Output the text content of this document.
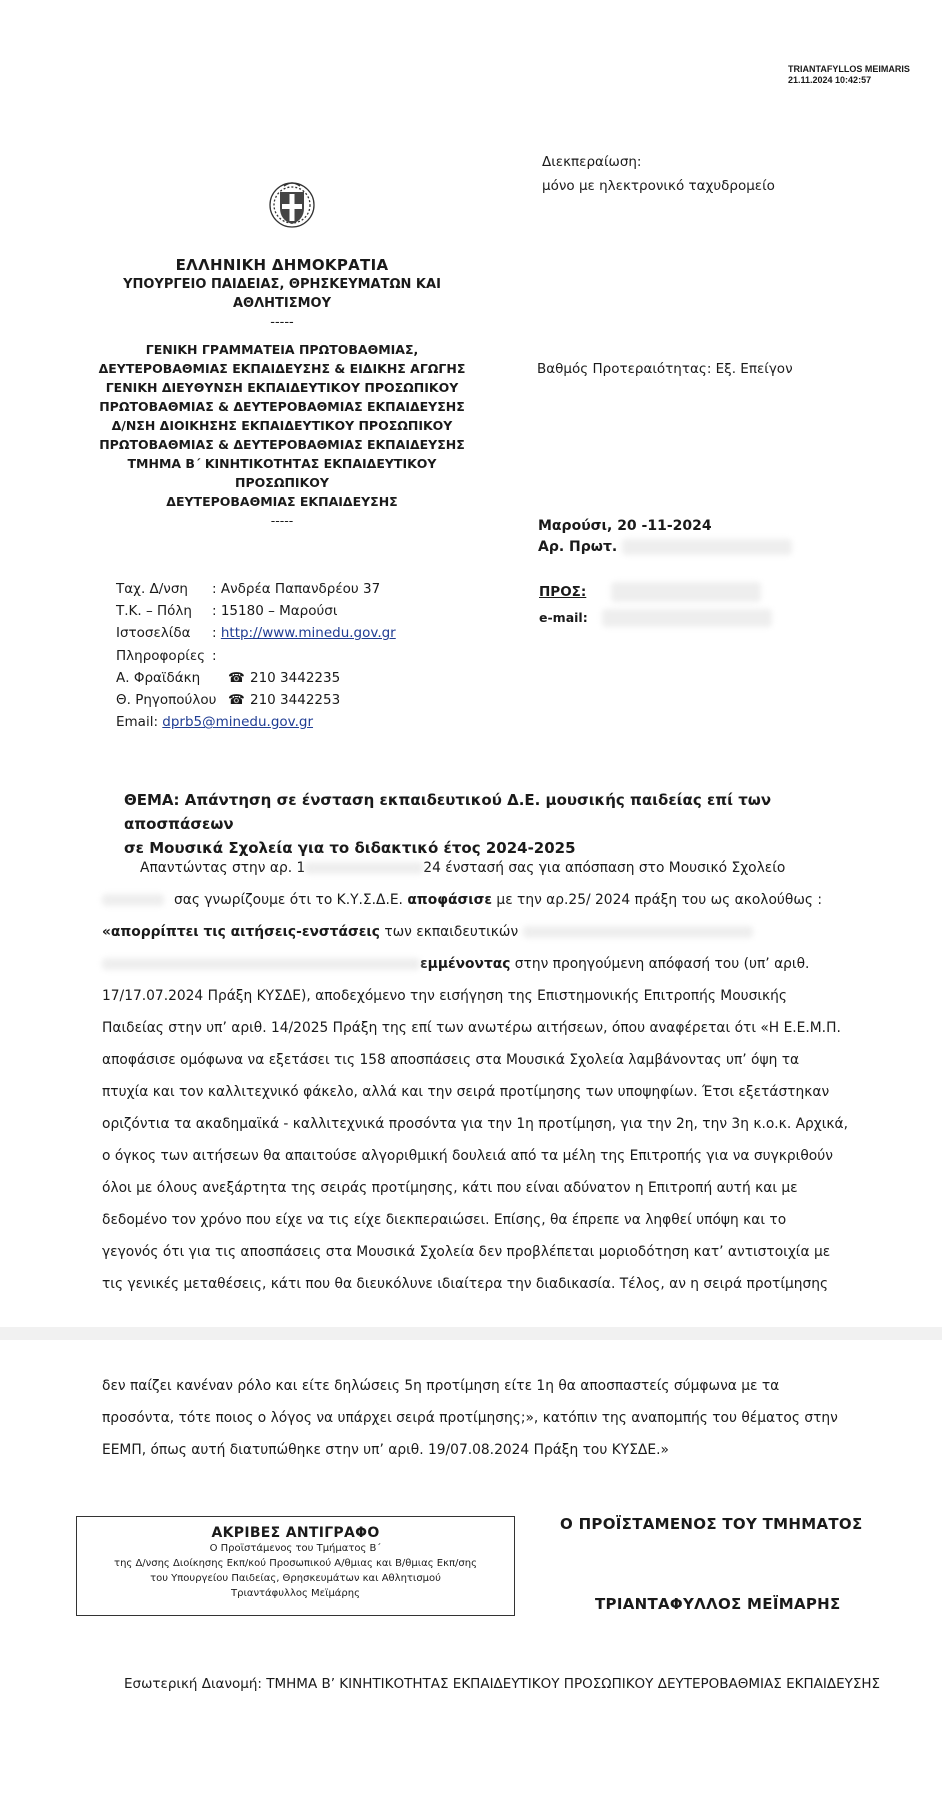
TRIANTAFYLLOS MEIMARIS
21.11.2024 10:42:57
Διεκπεραίωση:
μόνο με ηλεκτρονικό ταχυδρομείο
ΕΛΛΗΝΙΚΗ ΔΗΜΟΚΡΑΤΙΑ
ΥΠΟΥΡΓΕΙΟ ΠΑΙΔΕΙΑΣ, ΘΡΗΣΚΕΥΜΑΤΩΝ ΚΑΙ
ΑΘΛΗΤΙΣΜΟΥ
-----
ΓΕΝΙΚΗ ΓΡΑΜΜΑΤΕΙΑ ΠΡΩΤΟΒΑΘΜΙΑΣ,
ΔΕΥΤΕΡΟΒΑΘΜΙΑΣ ΕΚΠΑΙΔΕΥΣΗΣ & ΕΙΔΙΚΗΣ ΑΓΩΓΗΣ
ΓΕΝΙΚΗ ΔΙΕΥΘΥΝΣΗ ΕΚΠΑΙΔΕΥΤΙΚΟΥ ΠΡΟΣΩΠΙΚΟΥ
ΠΡΩΤΟΒΑΘΜΙΑΣ & ΔΕΥΤΕΡΟΒΑΘΜΙΑΣ ΕΚΠΑΙΔΕΥΣΗΣ
Δ/ΝΣΗ ΔΙΟΙΚΗΣΗΣ ΕΚΠΑΙΔΕΥΤΙΚΟΥ ΠΡΟΣΩΠΙΚΟΥ
ΠΡΩΤΟΒΑΘΜΙΑΣ & ΔΕΥΤΕΡΟΒΑΘΜΙΑΣ ΕΚΠΑΙΔΕΥΣΗΣ
ΤΜΗΜΑ Β΄ ΚΙΝΗΤΙΚΟΤΗΤΑΣ ΕΚΠΑΙΔΕΥΤΙΚΟΥ ΠΡΟΣΩΠΙΚΟΥ
ΔΕΥΤΕΡΟΒΑΘΜΙΑΣ ΕΚΠΑΙΔΕΥΣΗΣ
-----
Βαθμός Προτεραιότητας: Εξ. Επείγον
Μαρούσι, 20 -11-2024
Αρ. Πρωτ.
Ταχ. Δ/νση	: Ανδρέα Παπανδρέου 37
Τ.Κ. – Πόλη	: 15180 – Μαρούσι
Ιστοσελίδα	: http://www.minedu.gov.gr
Πληροφορίες :
Α. Φραϊδάκη	☎ 210 3442235
Θ. Ρηγοπούλου ☎ 210 3442253
Email: dprb5@minedu.gov.gr
ΠΡΟΣ:
e-mail:
ΘΕΜΑ: Απάντηση σε ένσταση εκπαιδευτικού Δ.Ε. μουσικής παιδείας επί των αποσπάσεων
σε Μουσικά Σχολεία για το διδακτικό έτος 2024-2025
Απαντώντας στην αρ. 1	24 ένστασή σας για απόσπαση στο Μουσικό Σχολείο
σας γνωρίζουμε ότι το Κ.Υ.Σ.Δ.Ε. αποφάσισε με την αρ.25/ 2024 πράξη του ως ακολούθως :
«απορρίπτει τις αιτήσεις-ενστάσεις των εκπαιδευτικών
εμμένοντας στην προηγούμενη απόφασή του (υπ’ αριθ.
17/17.07.2024 Πράξη ΚΥΣΔΕ), αποδεχόμενο την εισήγηση της Επιστημονικής Επιτροπής Μουσικής
Παιδείας στην υπ’ αριθ. 14/2025 Πράξη της επί των ανωτέρω αιτήσεων, όπου αναφέρεται ότι «Η Ε.Ε.Μ.Π.
αποφάσισε ομόφωνα να εξετάσει τις 158 αποσπάσεις στα Μουσικά Σχολεία λαμβάνοντας υπ’ όψη τα
πτυχία και τον καλλιτεχνικό φάκελο, αλλά και την σειρά προτίμησης των υποψηφίων. Έτσι εξετάστηκαν
οριζόντια τα ακαδημαϊκά - καλλιτεχνικά προσόντα για την 1η προτίμηση, για την 2η, την 3η κ.ο.κ. Αρχικά,
ο όγκος των αιτήσεων θα απαιτούσε αλγοριθμική δουλειά από τα μέλη της Επιτροπής για να συγκριθούν
όλοι με όλους ανεξάρτητα της σειράς προτίμησης, κάτι που είναι αδύνατον η Επιτροπή αυτή και με
δεδομένο τον χρόνο που είχε να τις είχε διεκπεραιώσει. Επίσης, θα έπρεπε να ληφθεί υπόψη και το
γεγονός ότι για τις αποσπάσεις στα Μουσικά Σχολεία δεν προβλέπεται μοριοδότηση κατ’ αντιστοιχία με
τις γενικές μεταθέσεις, κάτι που θα διευκόλυνε ιδιαίτερα την διαδικασία. Τέλος, αν η σειρά προτίμησης
δεν παίζει κανέναν ρόλο και είτε δηλώσεις 5η προτίμηση είτε 1η θα αποσπαστείς σύμφωνα με τα
προσόντα, τότε ποιος ο λόγος να υπάρχει σειρά προτίμησης;», κατόπιν της αναπομπής του θέματος στην
ΕΕΜΠ, όπως αυτή διατυπώθηκε στην υπ’ αριθ. 19/07.08.2024 Πράξη του ΚΥΣΔΕ.»
ΑΚΡΙΒΕΣ ΑΝΤΙΓΡΑΦΟ
Ο Προϊστάμενος του Τμήματος Β΄
της Δ/νσης Διοίκησης Εκπ/κού Προσωπικού Α/θμιας και Β/θμιας Εκπ/σης
του Υπουργείου Παιδείας, Θρησκευμάτων και Αθλητισμού
Τριαντάφυλλος Μεϊμάρης
Ο ΠΡΟΪΣΤΑΜΕΝΟΣ ΤΟΥ ΤΜΗΜΑΤΟΣ
ΤΡΙΑΝΤΑΦΥΛΛΟΣ ΜΕΪΜΑΡΗΣ
Εσωτερική Διανομή: ΤΜΗΜΑ Β’ ΚΙΝΗΤΙΚΟΤΗΤΑΣ ΕΚΠΑΙΔΕΥΤΙΚΟΥ ΠΡΟΣΩΠΙΚΟΥ ΔΕΥΤΕΡΟΒΑΘΜΙΑΣ ΕΚΠΑΙΔΕΥΣΗΣ
